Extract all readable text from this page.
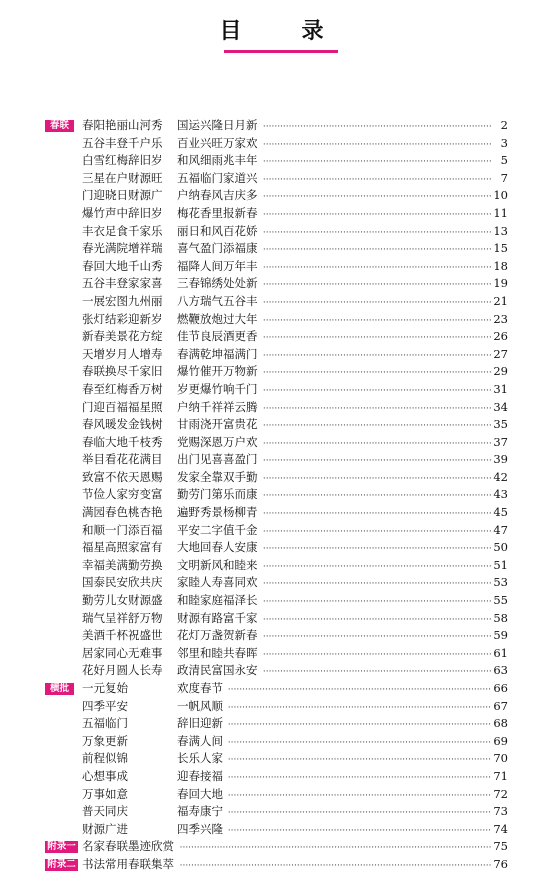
目	录
春联	春阳艳丽山河秀 国运兴隆日月新 ·····	2
五谷丰登千户乐 百业兴旺万家欢 ·····	3
白雪红梅辞旧岁 和风细雨兆丰年 ·····	5
三星在户财源旺 五福临门家道兴 ·····	7
门迎晓日财源广 户纳春风吉庆多 ·····	10
爆竹声中辞旧岁 梅花香里报新春 ·····	11
丰衣足食千家乐 丽日和风百花娇 ·····	13
春光满院增祥瑞 喜气盈门添福康 ·····	15
春回大地千山秀 福降人间万年丰 ·····	18
五谷丰登家家喜 三春锦绣处处新 ·····	19
一展宏图九州丽 八方瑞气五谷丰 ·····	21
张灯结彩迎新岁 燃鞭放炮过大年 ·····	23
新春美景花方绽 佳节良辰酒更香 ·····	26
天增岁月人增寿 春满乾坤福满门 ·····	27
春联换尽千家旧 爆竹催开万物新 ·····	29
春至红梅香万树 岁更爆竹响千门 ·····	31
门迎百福福星照 户纳千祥祥云腾 ·····	34
春风暖发金钱树 甘雨浇开富贵花 ·····	35
春临大地千枝秀 党赐深恩万户欢 ·····	37
举目看花花满目 出门见喜喜盈门 ·····	39
致富不依天恩赐 发家全靠双手勤 ·····	42
节俭人家穷变富 勤劳门第乐而康 ·····	43
满园春色桃杏艳 遍野秀景杨柳青 ·····	45
和顺一门添百福 平安二字值千金 ·····	47
福星高照家富有 大地回春人安康 ·····	50
幸福美满勤劳换 文明新风和睦来 ·····	51
国泰民安欣共庆 家睦人寿喜同欢 ·····	53
勤劳儿女财源盛 和睦家庭福泽长 ·····	55
瑞气呈祥舒万物 财源有路富千家 ·····	58
美酒千杯祝盛世 花灯万盏贺新春 ·····	59
居家同心无难事 邻里和睦共春晖 ·····	61
花好月圆人长寿 政清民富国永安 ·····	63
横批	一元复始	欢度春节 ·····	66
四季平安	一帆风顺 ·····	67
五福临门	辞旧迎新 ·····	68
万象更新	春满人间 ·····	69
前程似锦	长乐人家 ·····	70
心想事成	迎春接福 ·····	71
万事如意	春回大地 ·····	72
普天同庆	福寿康宁 ·····	73
财源广进	四季兴隆 ·····	74
附录一 名家春联墨迹欣赏 ·····	75
附录二 书法常用春联集萃 ·····	76
